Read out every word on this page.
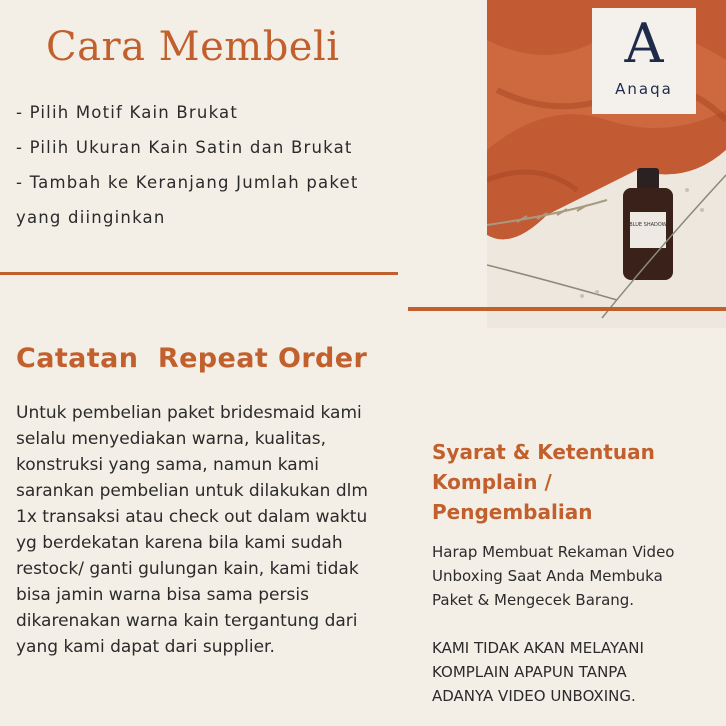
Cara Membeli
- Pilih Motif Kain Brukat
- Pilih Ukuran Kain Satin dan Brukat
- Tambah ke Keranjang Jumlah paket
yang diinginkan	BLUE SHADOW
A
Anaqa
Catatan  Repeat Order
Untuk pembelian paket bridesmaid kami
selalu menyediakan warna, kualitas,
konstruksi yang sama, namun kami
sarankan pembelian untuk dilakukan dlm
1x transaksi atau check out dalam waktu
yg berdekatan karena bila kami sudah
restock/ ganti gulungan kain, kami tidak
bisa jamin warna bisa sama persis
dikarenakan warna kain tergantung dari
yang kami dapat dari supplier.
Syarat & Ketentuan
Komplain /
Pengembalian
Harap Membuat Rekaman Video
Unboxing Saat Anda Membuka
Paket & Mengecek Barang.
KAMI TIDAK AKAN MELAYANI
KOMPLAIN APAPUN TANPA
ADANYA VIDEO UNBOXING.
